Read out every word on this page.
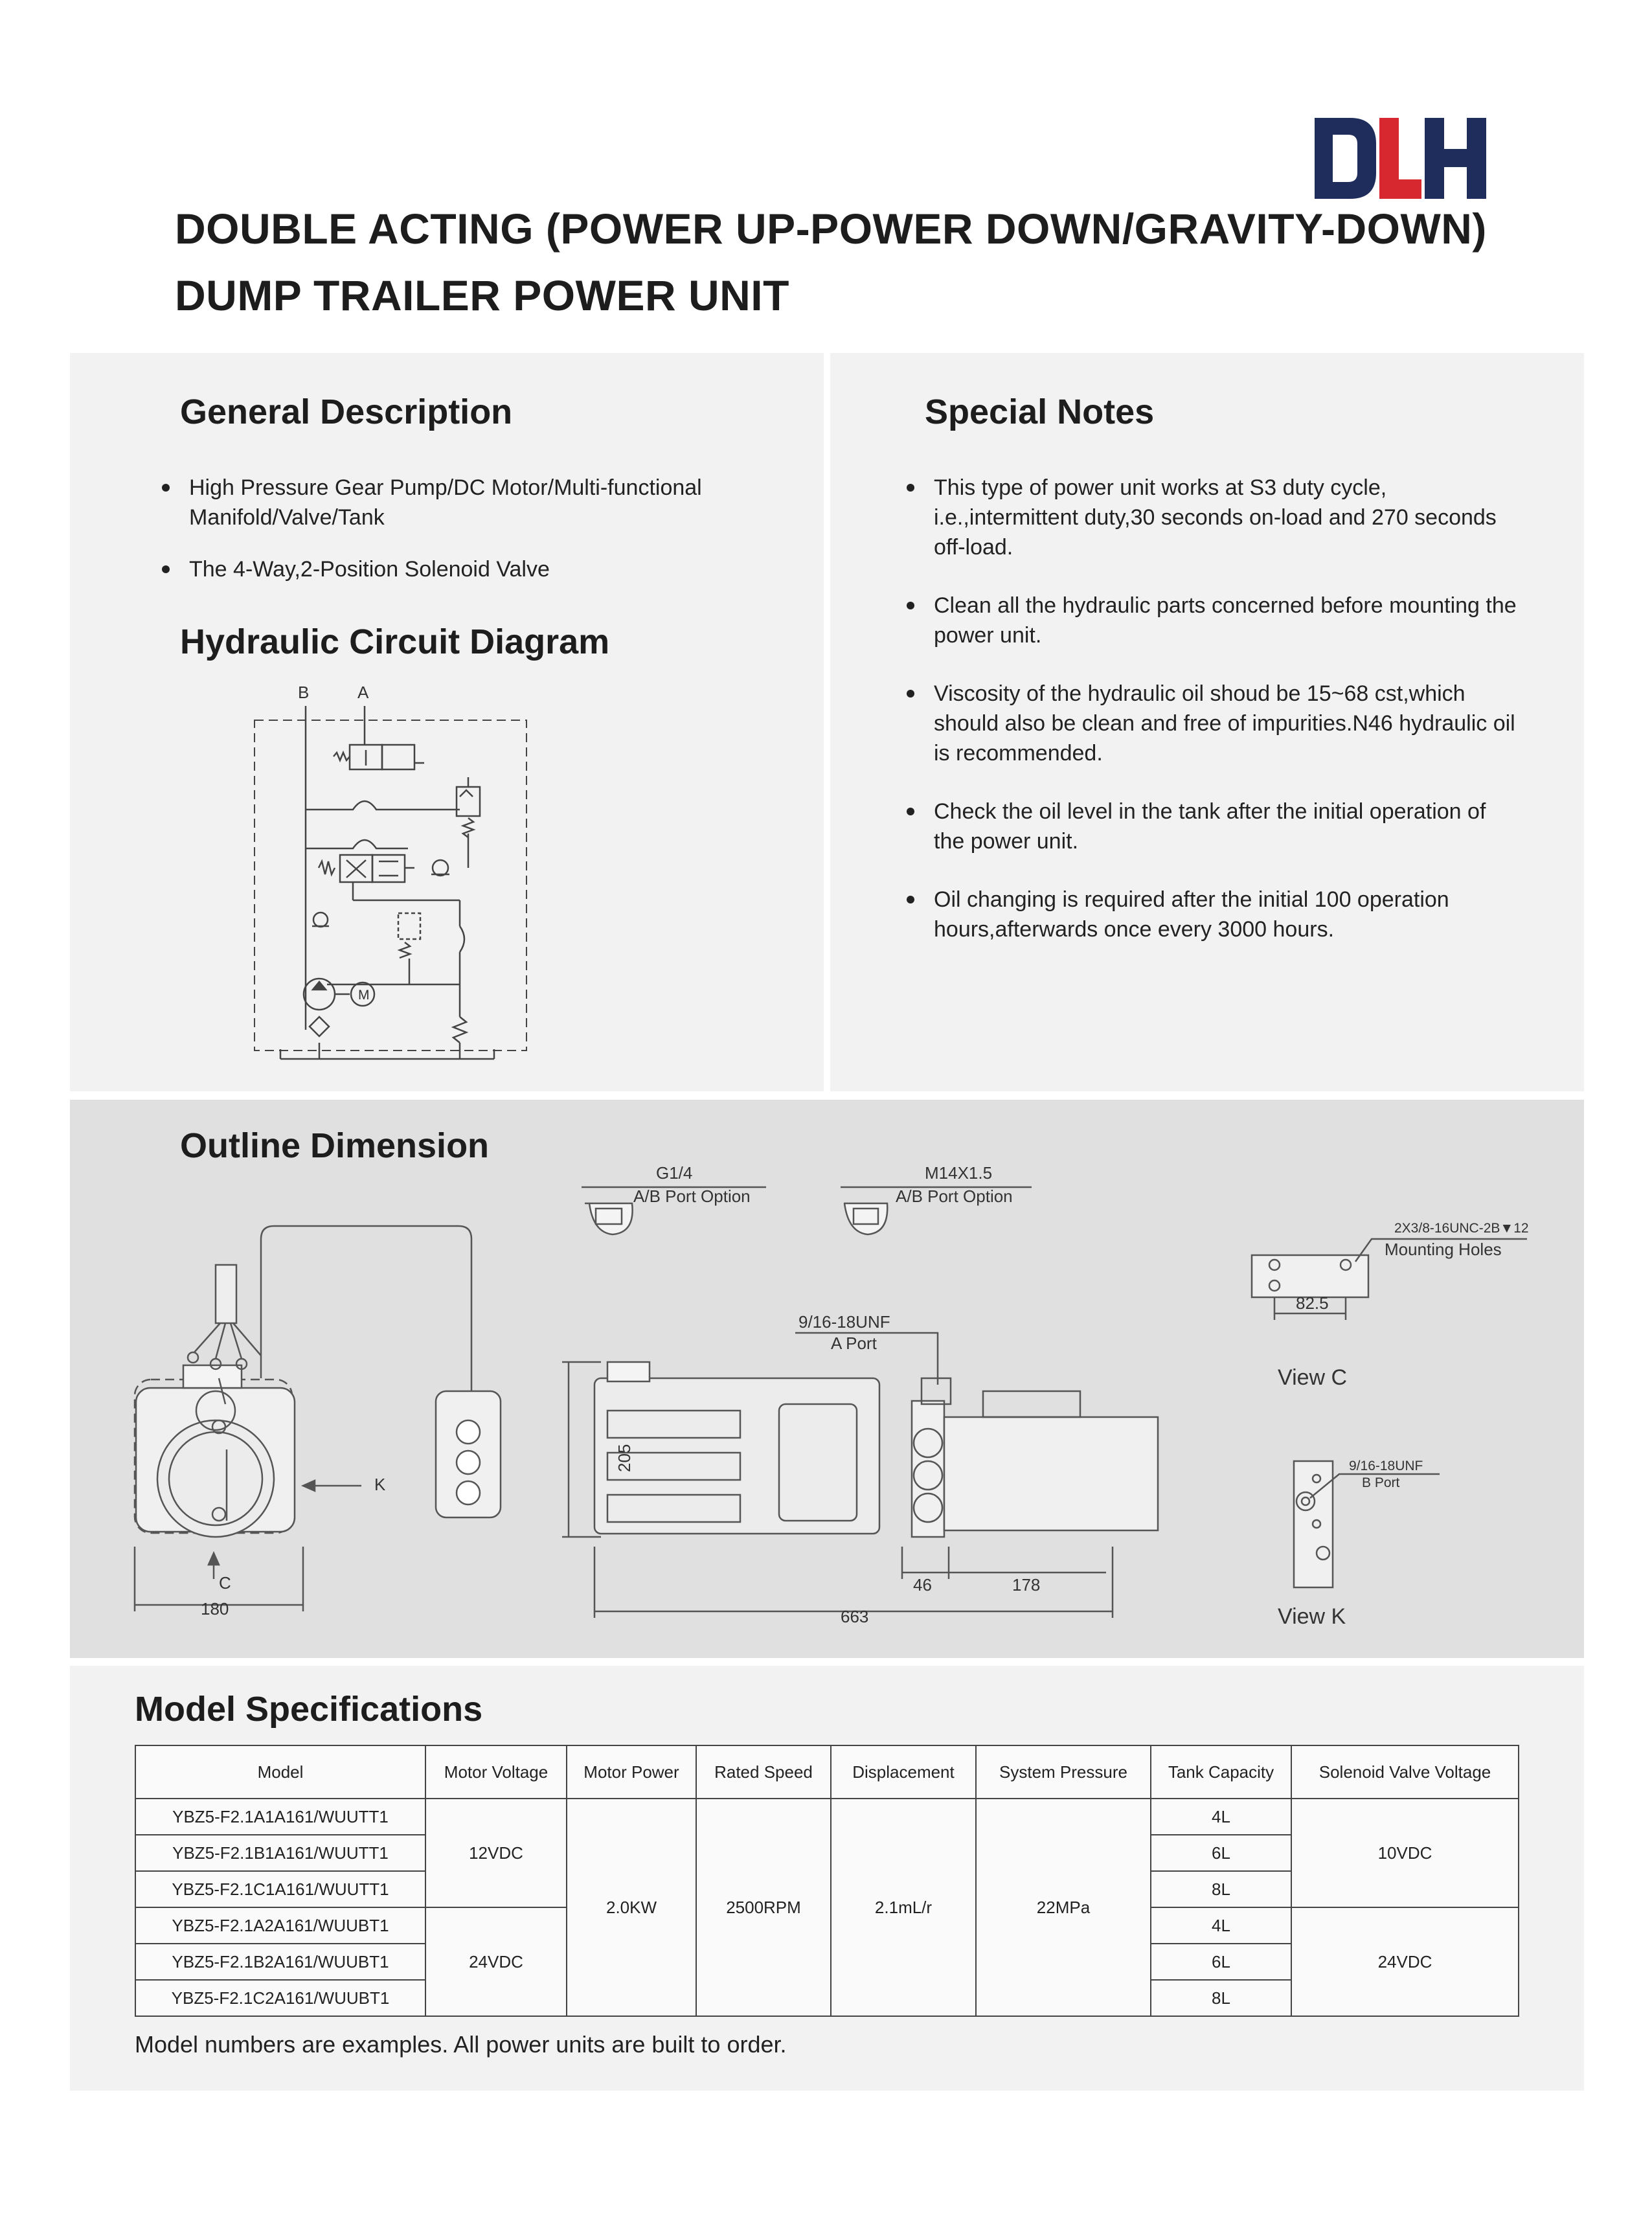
DOUBLE ACTING (POWER UP-POWER DOWN/GRAVITY-DOWN)
DUMP TRAILER POWER UNIT
General Description
High Pressure Gear Pump/DC Motor/Multi-functional Manifold/Valve/Tank
The 4-Way,2-Position Solenoid Valve
Hydraulic Circuit Diagram
B	A
M
Special Notes
This type of power unit works at S3 duty cycle, i.e.,intermittent duty,30 seconds on-load and 270 seconds off-load.
Clean all the hydraulic parts concerned before mounting the power unit.
Viscosity of the hydraulic oil shoud be 15~68 cst,which should also be clean and free of impurities.N46 hydraulic oil is recommended.
Check the oil level in the tank after the initial operation of the power unit.
Oil changing is required after the initial 100 operation hours,afterwards once every 3000 hours.
Outline Dimension
G1/4
A/B Port Option
M14X1.5
A/B Port Option
9/16-18UNF
A Port
2X3/8-16UNC-2B▼12
Mounting Holes
82.5
9/16-18UNF
B Port
K
C
180
46	178
663
205
View C
View K
Model Specifications
Model	Motor Voltage	Motor Power	Rated Speed	Displacement	System Pressure	Tank Capacity	Solenoid Valve Voltage
YBZ5-F2.1A1A161/WUUTT1	12VDC	2.0KW	2500RPM	2.1mL/r	22MPa	4L	10VDC
YBZ5-F2.1B1A161/WUUTT1						6L	
YBZ5-F2.1C1A161/WUUTT1						8L	
YBZ5-F2.1A2A161/WUUBT1	24VDC					4L	24VDC
YBZ5-F2.1B2A161/WUUBT1						6L	
YBZ5-F2.1C2A161/WUUBT1						8L	
Model numbers are examples. All power units are built to order.
